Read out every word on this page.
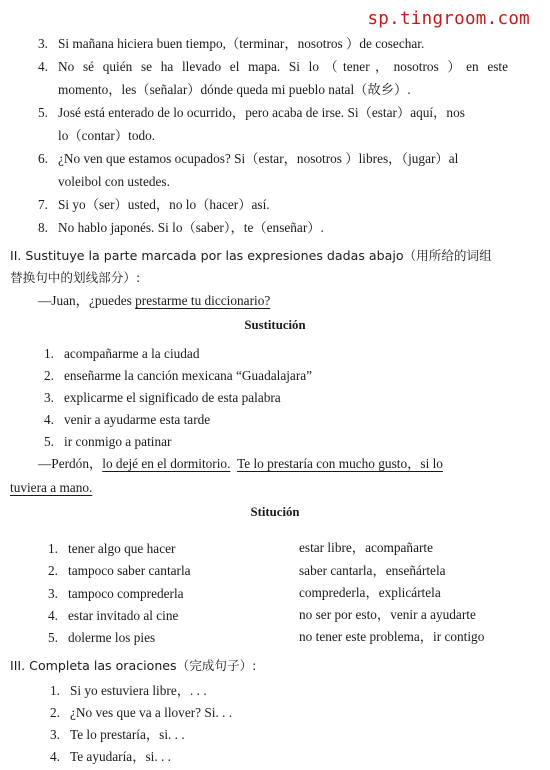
sp.tingroom.com
3. Si mañana hiciera buen tiempo,（terminar，nosotros ）de cosechar.
4. No sé quién se ha llevado el mapa. Si lo（tener，nosotros ）en este
momento，les（señalar）dónde queda mi pueblo natal（故乡）.
5. José está enterado de lo ocurrido，pero acaba de irse. Si（estar）aquí，nos
lo（contar）todo.
6. ¿No ven que estamos ocupados? Si（estar，nosotros ）libres，（jugar）al
voleibol con ustedes.
7. Si yo（ser）usted，no lo（hacer）así.
8. No hablo japonés. Si lo（saber），te（enseñar）.
II. Sustituye la parte marcada por las expresiones dadas abajo（用所给的词组
替换句中的划线部分）:
—Juan，¿puedes prestarme tu diccionario?
Sustitución
1. acompañarme a la ciudad
2. enseñarme la canción mexicana “Guadalajara”
3. explicarme el significado de esta palabra
4. venir a ayudarme esta tarde
5. ir conmigo a patinar
—Perdón，lo dejé en el dormitorio. Te lo prestaría con mucho gusto，si lo
tuviera a mano.
Stitución
1. tener algo que hacer	estar libre，acompañarte
2. tampoco saber cantarla	saber cantarla，enseñártela
3. tampoco comprederla	comprederla，explicártela
4. estar invitado al cine	no ser por esto，venir a ayudarte
5. dolerme los pies	no tener este problema，ir contigo
III. Completa las oraciones（完成句子）:
1. Si yo estuviera libre，. . .
2. ¿No ves que va a llover? Si. . .
3. Te lo prestaría，si. . .
4. Te ayudaría，si. . .
